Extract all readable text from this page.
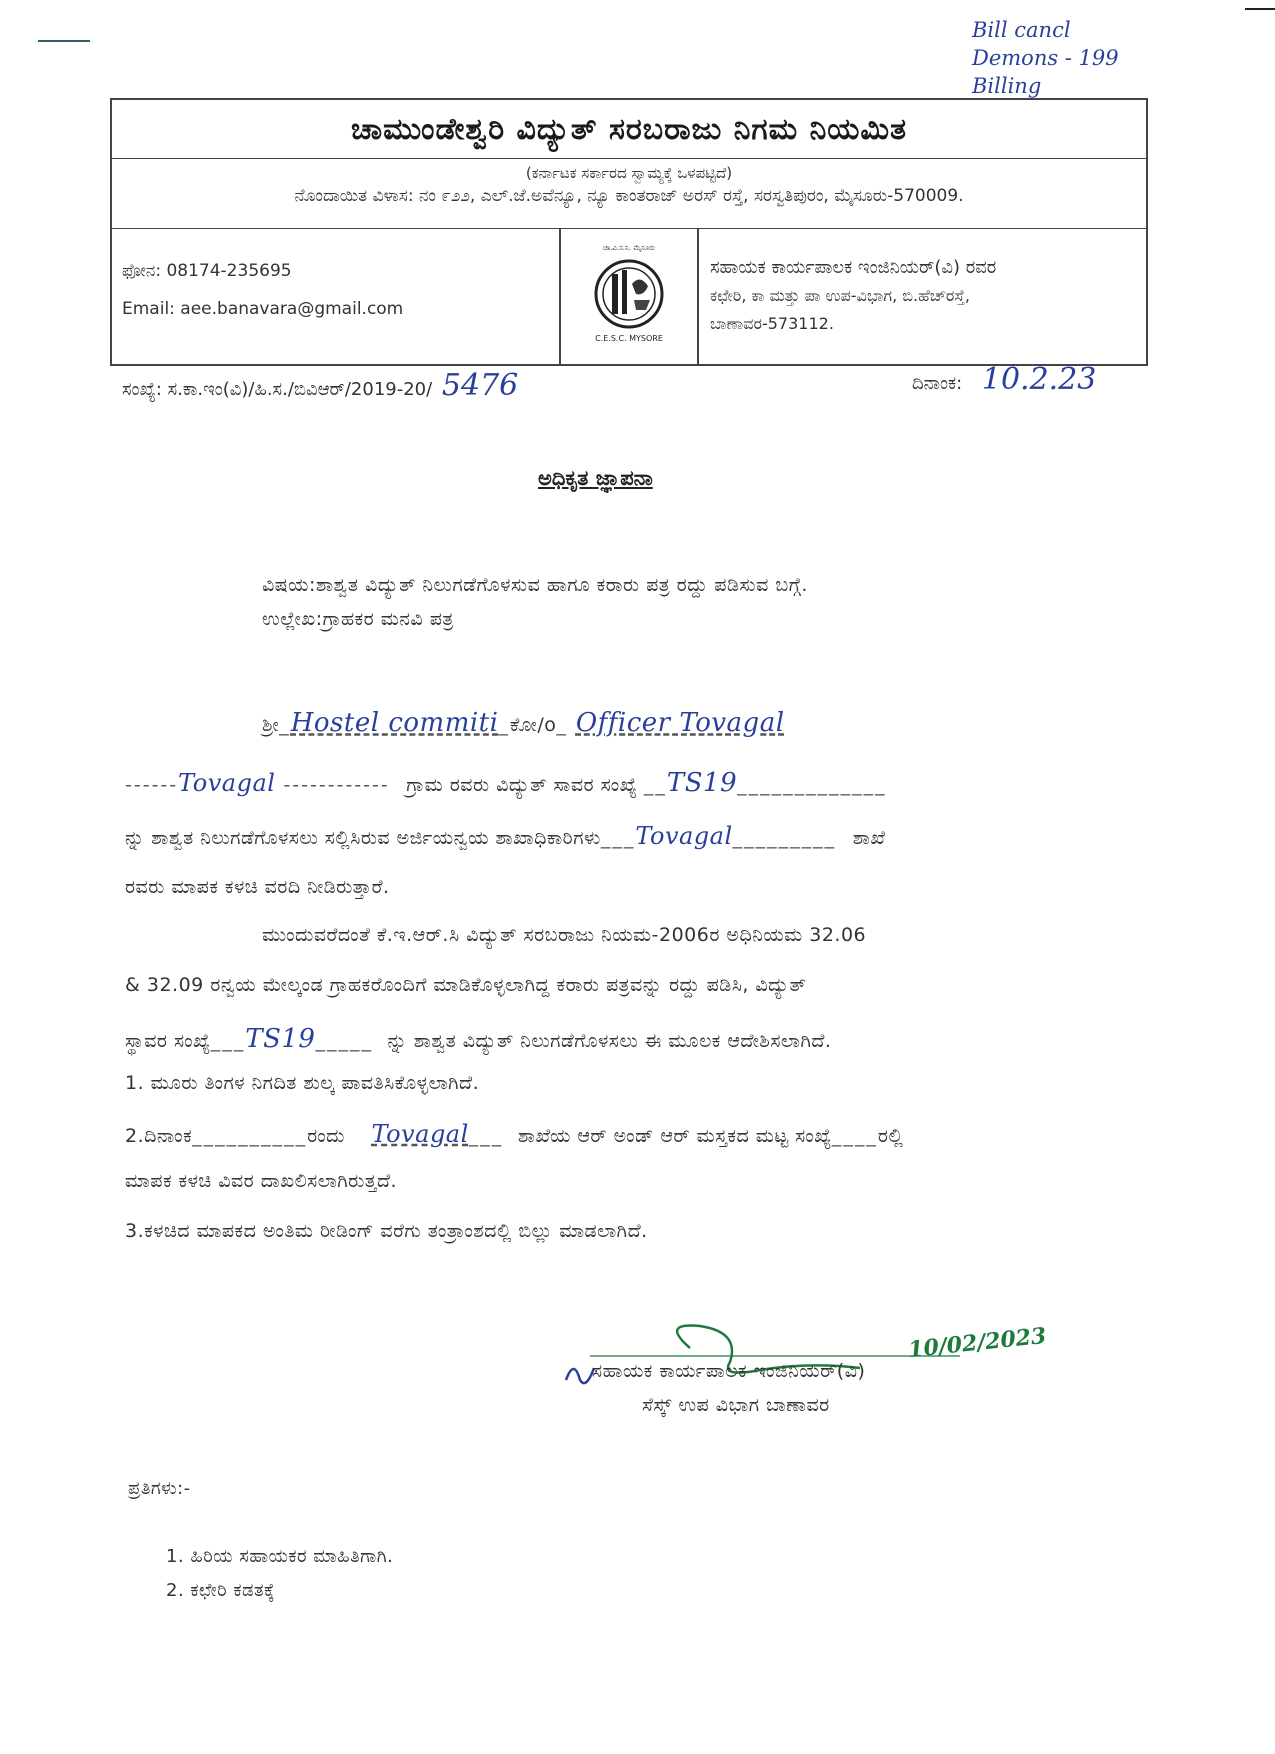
Bill cancl
Demons - 199
Billing
ಚಾಮುಂಡೇಶ್ವರಿ ವಿದ್ಯುತ್ ಸರಬರಾಜು ನಿಗಮ ನಿಯಮಿತ
(ಕರ್ನಾಟಕ ಸರ್ಕಾರದ ಸ್ವಾಮ್ಯಕ್ಕೆ ಒಳಪಟ್ಟಿದೆ)
ನೊಂದಾಯಿತ ವಿಳಾಸ: ನಂ ೯೨೨, ಎಲ್.ಜೆ.ಅವೆನ್ಯೂ, ನ್ಯೂ ಕಾಂತರಾಜ್ ಅರಸ್ ರಸ್ತೆ, ಸರಸ್ವತಿಪುರಂ, ಮೈಸೂರು-570009.
ಫೋನ: 08174-235695
Email: aee.banavara@gmail.com
ಚಾ.ವಿ.ಸ.ನಿ. ಮೈಸೂರು
C.E.S.C. MYSORE
ಸಹಾಯಕ ಕಾರ್ಯಪಾಲಕ ಇಂಜಿನಿಯರ್(ವಿ) ರವರ
ಕಛೇರಿ, ಕಾ ಮತ್ತು ಪಾ ಉಪ-ವಿಭಾಗ, ಬಿ.ಹೆಚ್‌ರಸ್ತೆ,
ಬಾಣಾವರ-573112.
ಸಂಖ್ಯೆ: ಸ.ಕಾ.ಇಂ(ವಿ)/ಹಿ.ಸ./ಬಿವಿಆರ್/2019-20/ 5476	ದಿನಾಂಕ: 10.2.23
ಅಧಿಕೃತ ಜ್ಞಾಪನಾ
ವಿಷಯ:ಶಾಶ್ವತ ವಿದ್ಯುತ್ ನಿಲುಗಡೆಗೊಳಸುವ ಹಾಗೂ ಕರಾರು ಪತ್ರ ರದ್ದು ಪಡಿಸುವ ಬಗ್ಗೆ.
ಉಲ್ಲೇಖ:ಗ್ರಾಹಕರ ಮನವಿ ಪತ್ರ
ಶ್ರೀ_Hostel commiti_ಕೋ/o_ Officer Tovagal
------Tovagal ------------ ಗ್ರಾಮ ರವರು ವಿದ್ಯುತ್ ಸಾವರ ಸಂಖ್ಯೆ __TS19_____________
ನ್ನು ಶಾಶ್ವತ ನಿಲುಗಡೆಗೊಳಸಲು ಸಲ್ಲಿಸಿರುವ ಅರ್ಜಿಯನ್ವಯ ಶಾಖಾಧಿಕಾರಿಗಳು___Tovagal_________ ಶಾಖೆ
ರವರು ಮಾಪಕ ಕಳಚಿ ವರದಿ ನೀಡಿರುತ್ತಾರೆ.
ಮುಂದುವರೆದಂತೆ ಕೆ.ಇ.ಆರ್.ಸಿ ವಿದ್ಯುತ್ ಸರಬರಾಜು ನಿಯಮ-2006ರ ಅಧಿನಿಯಮ 32.06
& 32.09 ರನ್ವಯ ಮೇಲ್ಕಂಡ ಗ್ರಾಹಕರೊಂದಿಗೆ ಮಾಡಿಕೊಳ್ಳಲಾಗಿದ್ದ ಕರಾರು ಪತ್ರವನ್ನು ರದ್ದು ಪಡಿಸಿ, ವಿದ್ಯುತ್
ಸ್ಥಾವರ ಸಂಖ್ಯೆ___TS19_____ ನ್ನು ಶಾಶ್ವತ ವಿದ್ಯುತ್ ನಿಲುಗಡೆಗೊಳಸಲು ಈ ಮೂಲಕ ಆದೇಶಿಸಲಾಗಿದೆ.
1. ಮೂರು ತಿಂಗಳ ನಿಗದಿತ ಶುಲ್ಕ ಪಾವತಿಸಿಕೊಳ್ಳಲಾಗಿದೆ.
2.ದಿನಾಂಕ__________ರಂದು Tovagal___ ಶಾಖೆಯ ಆರ್ ಅಂಡ್ ಆರ್ ಮಸ್ತಕದ ಮಟ್ಟ ಸಂಖ್ಯೆ____ರಲ್ಲಿ
ಮಾಪಕ ಕಳಚಿ ವಿವರ ದಾಖಲಿಸಲಾಗಿರುತ್ತದೆ.
3.ಕಳಚಿದ ಮಾಪಕದ ಅಂತಿಮ ರೀಡಿಂಗ್ ವರೆಗು ತಂತ್ರಾಂಶದಲ್ಲಿ ಬಿಲ್ಲು ಮಾಡಲಾಗಿದೆ.
10/02/2023
ಸಹಾಯಕ ಕಾರ್ಯಪಾಲಕ ಇಂಜಿನಿಯರ್(ವಿ)
ಸೆಸ್ಕ್ ಉಪ ವಿಭಾಗ ಬಾಣಾವರ
ಪ್ರತಿಗಳು:-
1. ಹಿರಿಯ ಸಹಾಯಕರ ಮಾಹಿತಿಗಾಗಿ.
2. ಕಛೇರಿ ಕಡತಕ್ಕೆ
